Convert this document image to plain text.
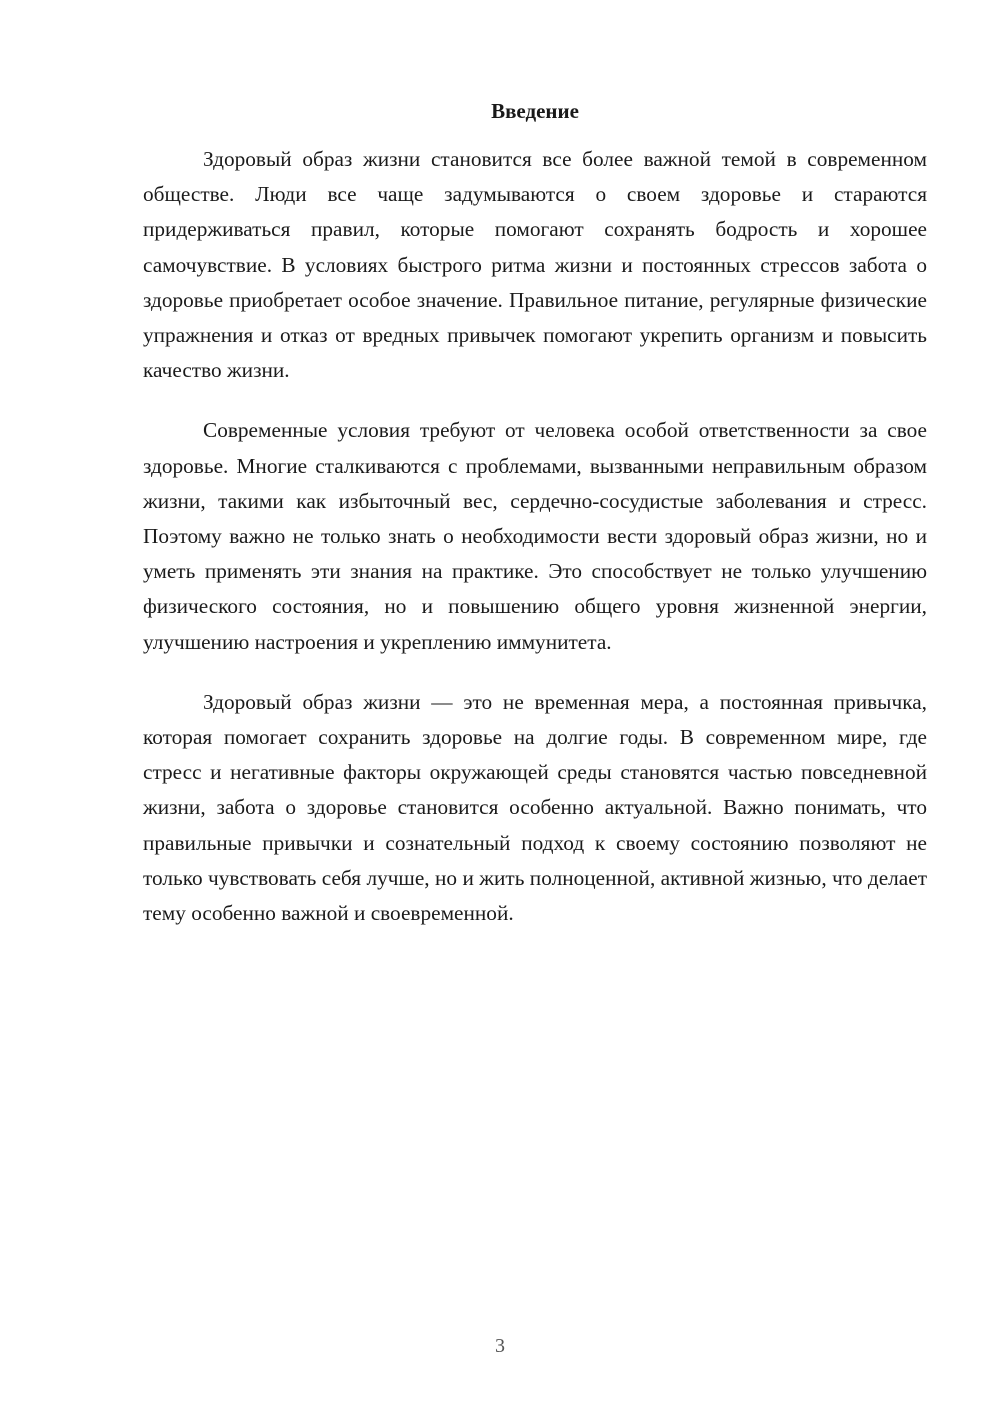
Введение

Здоровый образ жизни становится все более важной темой в современном обществе. Люди все чаще задумываются о своем здоровье и стараются придерживаться правил, которые помогают сохранять бодрость и хорошее самочувствие. В условиях быстрого ритма жизни и постоянных стрессов забота о здоровье приобретает особое значение. Правильное питание, регулярные физические упражнения и отказ от вредных привычек помогают укрепить организм и повысить качество жизни.

Современные условия требуют от человека особой ответственности за свое здоровье. Многие сталкиваются с проблемами, вызванными неправильным образом жизни, такими как избыточный вес, сердечно-сосудистые заболевания и стресс. Поэтому важно не только знать о необходимости вести здоровый образ жизни, но и уметь применять эти знания на практике. Это способствует не только улучшению физического состояния, но и повышению общего уровня жизненной энергии, улучшению настроения и укреплению иммунитета.

Здоровый образ жизни — это не временная мера, а постоянная привычка, которая помогает сохранить здоровье на долгие годы. В современном мире, где стресс и негативные факторы окружающей среды становятся частью повседневной жизни, забота о здоровье становится особенно актуальной. Важно понимать, что правильные привычки и сознательный подход к своему состоянию позволяют не только чувствовать себя лучше, но и жить полноценной, активной жизнью, что делает тему особенно важной и своевременной.

3
